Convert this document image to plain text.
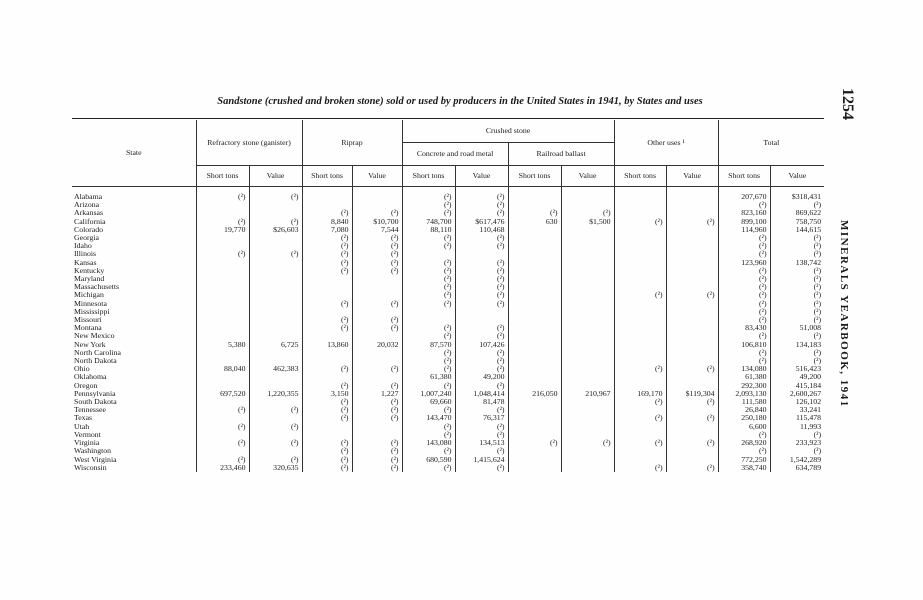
Sandstone (crushed and broken stone) sold or used by producers in the United States in 1941, by States and uses	1254
MINERALS YEARBOOK, 1941
State	Refractory stone (ganister)		Riprap		Crushed stone				Other uses ¹		Total	
					Concrete and road metal		Railroad ballast					
	Short tons	Value	Short tons	Value	Short tons	Value	Short tons	Value	Short tons	Value	Short tons	Value
Alabama	(²)	(²)			(²)	(²)					207,670	$318,431
Arizona					(²)	(²)					(²)	(²)
Arkansas			(²)	(²)	(²)	(²)	(²)	(²)			823,160	869,622
California	(²)	(²)	8,840	$10,700	748,700	$617,476	630	$1,500	(²)	(²)	899,100	758,750
Colorado	19,770	$26,603	7,080	7,544	88,110	110,468					114,960	144,615
Georgia			(²)	(²)	(²)	(²)					(²)	(²)
Idaho			(²)	(²)	(²)	(²)					(²)	(²)
Illinois	(²)	(²)	(²)	(²)							(²)	(²)
Kansas			(²)	(²)	(²)	(²)					123,960	138,742
Kentucky			(²)	(²)	(²)	(²)					(²)	(²)
Maryland					(²)	(²)					(²)	(²)
Massachusetts					(²)	(²)					(²)	(²)
Michigan					(²)	(²)			(²)	(²)	(²)	(²)
Minnesota			(²)	(²)	(²)	(²)					(²)	(²)
Mississippi											(²)	(²)
Missouri			(²)	(²)							(²)	(²)
Montana			(²)	(²)	(²)	(²)					83,430	51,008
New Mexico					(²)	(²)					(²)	(²)
New York	5,380	6,725	13,860	20,032	87,570	107,426					106,810	134,183
North Carolina					(²)	(²)					(²)	(²)
North Dakota					(²)	(²)					(²)	(²)
Ohio	88,040	462,383	(²)	(²)	(²)	(²)			(²)	(²)	134,080	516,423
Oklahoma					61,380	49,200					61,380	49,200
Oregon			(²)	(²)	(²)	(²)					292,300	415,184
Pennsylvania	697,520	1,220,355	3,150	1,227	1,007,240	1,048,414	216,050	210,967	169,170	$119,304	2,093,130	2,600,267
South Dakota			(²)	(²)	69,660	81,478			(²)	(²)	111,580	126,102
Tennessee	(²)	(²)	(²)	(²)	(²)	(²)					26,840	33,241
Texas			(²)	(²)	143,470	76,317			(²)	(²)	250,180	115,478
Utah	(²)	(²)			(²)	(²)					6,600	11,993
Vermont					(²)	(²)					(²)	(²)
Virginia	(²)	(²)	(²)	(²)	143,080	134,513	(²)	(²)	(²)	(²)	268,920	233,923
Washington			(²)	(²)	(²)	(²)					(²)	(²)
West Virginia	(²)	(²)	(²)	(²)	680,590	1,415,624					772,250	1,542,289
Wisconsin	233,460	320,635	(²)	(²)	(²)	(²)			(²)	(²)	358,740	634,789
